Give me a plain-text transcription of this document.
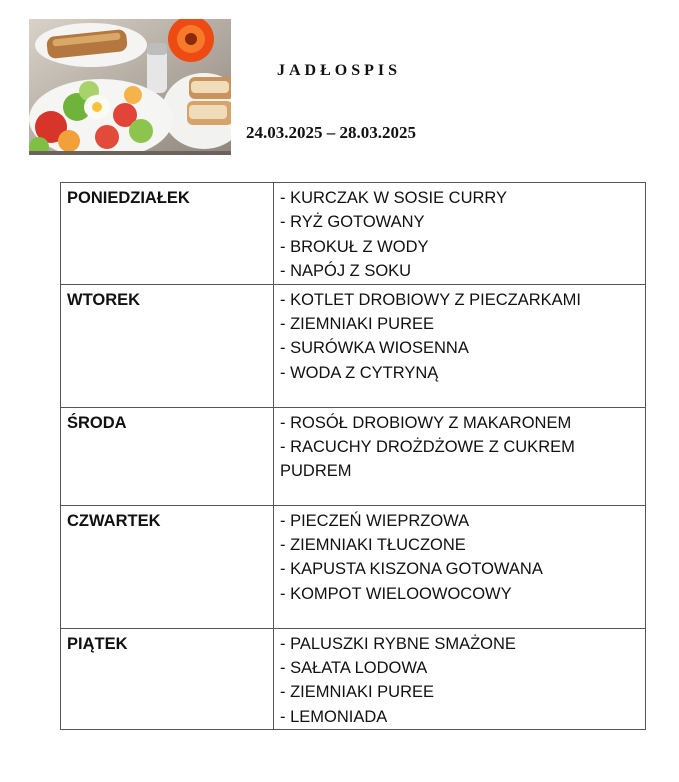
JADŁOSPIS
24.03.2025 – 28.03.2025
PONIEDZIAŁEK	- KURCZAK W SOSIE CURRY
- RYŻ GOTOWANY
- BROKUŁ Z WODY
- NAPÓJ Z SOKU

WTOREK	- KOTLET DROBIOWY Z PIECZARKAMI
- ZIEMNIAKI PUREE
- SURÓWKA WIOSENNA
- WODA Z CYTRYNĄ

ŚRODA	- ROSÓŁ DROBIOWY Z MAKARONEM
- RACUCHY DROŻDŻOWE Z CUKREM PUDREM

CZWARTEK	- PIECZEŃ WIEPRZOWA
- ZIEMNIAKI TŁUCZONE
- KAPUSTA KISZONA GOTOWANA
- KOMPOT WIELOOWOCOWY

PIĄTEK	- PALUSZKI RYBNE SMAŻONE
- SAŁATA LODOWA
- ZIEMNIAKI PUREE
- LEMONIADA
